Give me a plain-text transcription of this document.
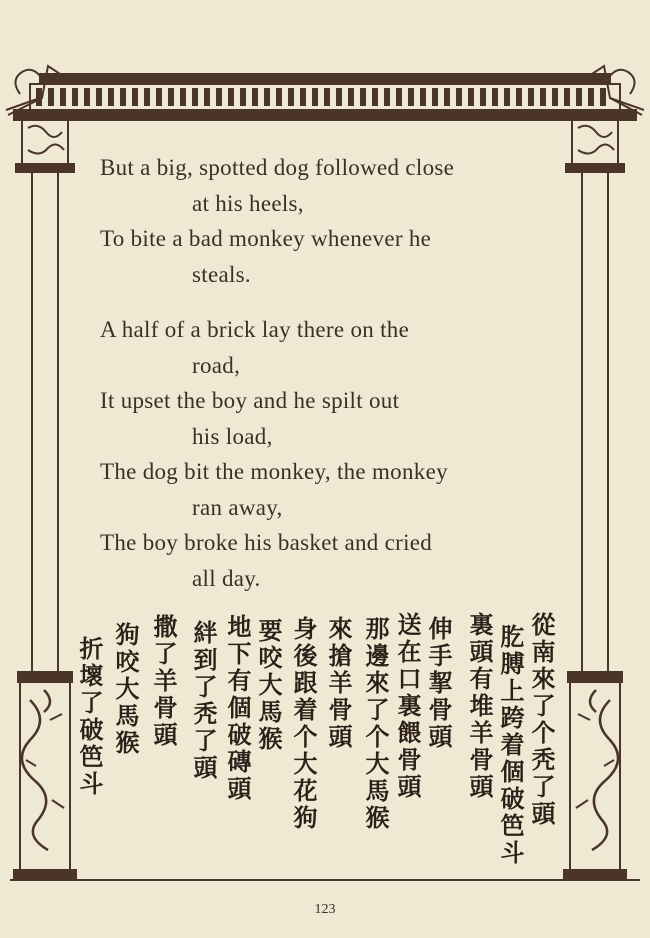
But a big, spotted dog followed close
at his heels,
To bite a bad monkey whenever he
steals.
A half of a brick lay there on the
road,
It upset the boy and he spilt out
his load,
The dog bit the monkey, the monkey
ran away,
The boy broke his basket and cried
all day.
從南來了个秃了頭
肐膊上跨着個破笆斗
裏頭有堆羊骨頭
伸手挈骨頭
送在口裏餵骨頭
那邊來了个大馬猴
來搶羊骨頭
身後跟着个大花狗
要咬大馬猴
地下有個破磚頭
絆到了秃了頭
撒了羊骨頭
狗咬大馬猴
折壞了破笆斗
123
